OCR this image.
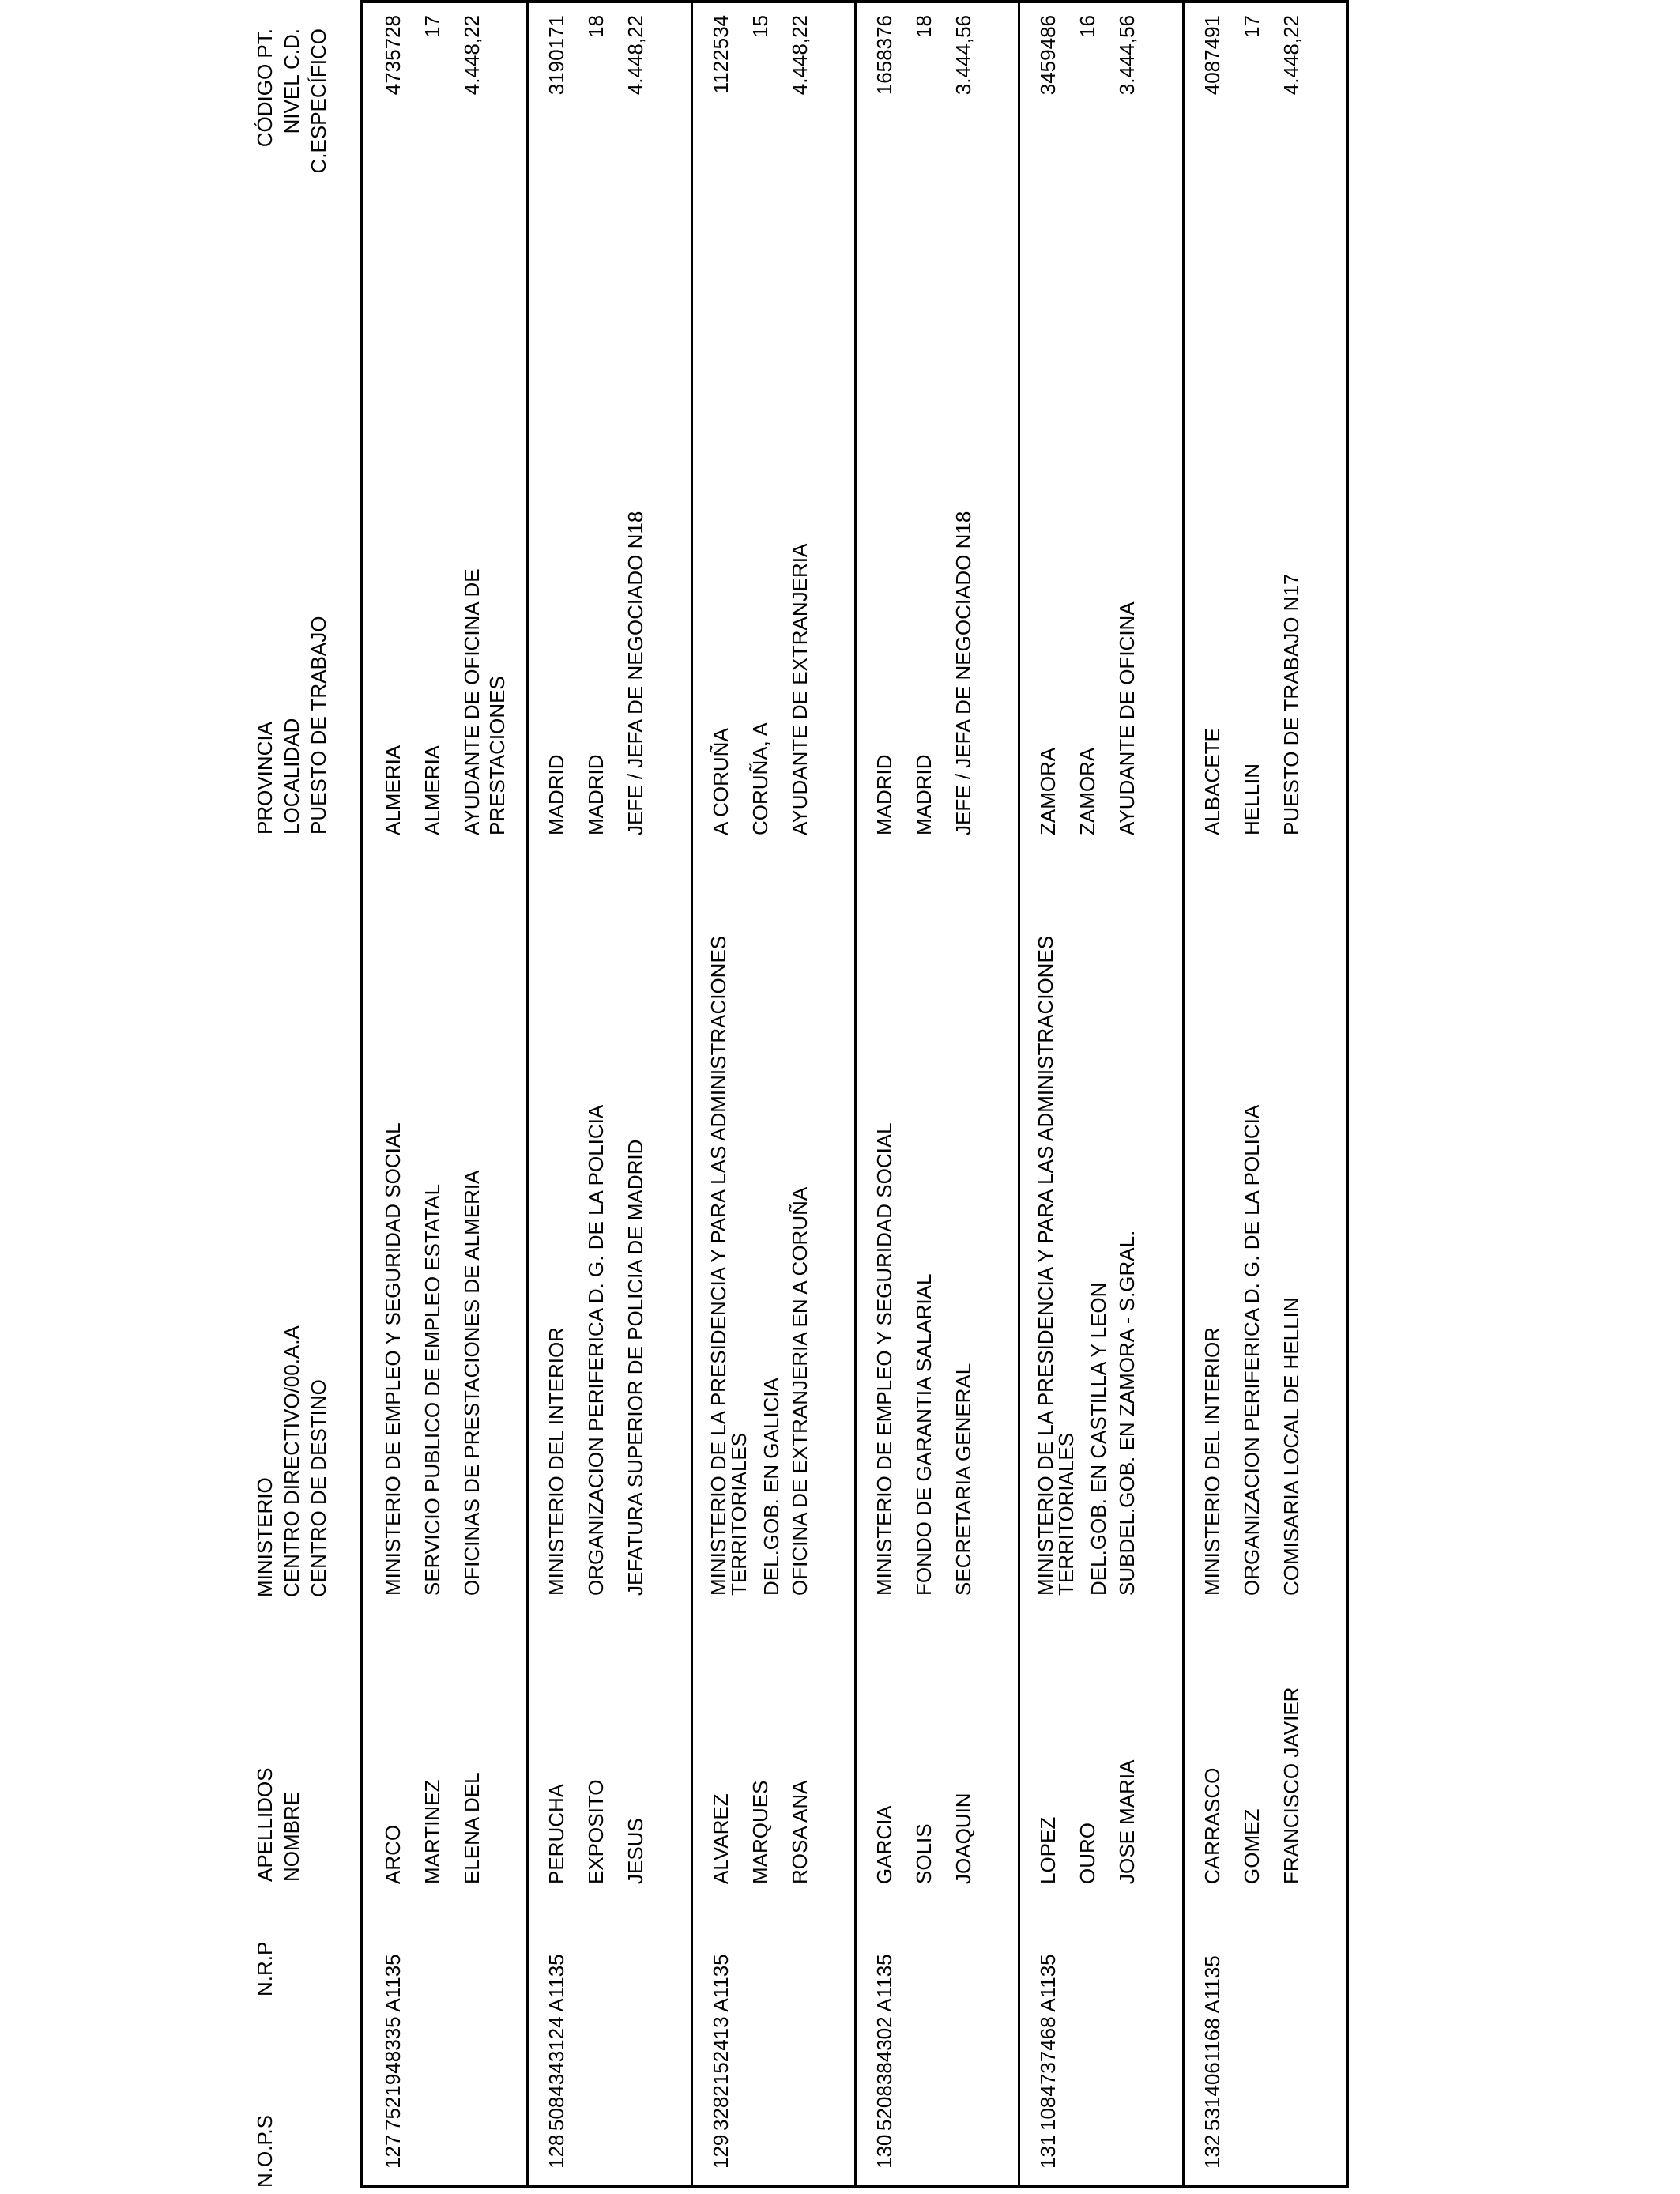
N.O.P.S
N.R.P
APELLIDOS
NOMBRE
MINISTERIO
CENTRO DIRECTIVO/00.A.A
CENTRO DE DESTINO
PROVINCIA
LOCALIDAD
PUESTO DE TRABAJO
CÓDIGO PT.
NIVEL C.D.
C.ESPECÍFICO
127
7521948335 A1135
ARCO MARTINEZ ELENA DEL
MINISTERIO DE EMPLEO Y SEGURIDAD SOCIAL SERVICIO PUBLICO DE EMPLEO ESTATAL OFICINAS DE PRESTACIONES DE ALMERIA
ALMERIA ALMERIA AYUDANTE DE OFICINA DE
PRESTACIONES
4735728 17 4.448,22
128
5084343124 A1135
PERUCHA EXPOSITO JESUS
MINISTERIO DEL INTERIOR ORGANIZACION PERIFERICA D. G. DE LA POLICIA JEFATURA SUPERIOR DE POLICIA DE MADRID
MADRID MADRID JEFE / JEFA DE NEGOCIADO N18
3190171 18 4.448,22
129
3282152413 A1135
ALVAREZ MARQUES ROSA ANA
MINISTERIO DE LA PRESIDENCIA Y PARA LAS ADMINISTRACIONES
TERRITORIALES DEL.GOB. EN GALICIA OFICINA DE EXTRANJERIA EN A CORUÑA
A CORUÑA CORUÑA, A AYUDANTE DE EXTRANJERIA
1122534 15 4.448,22
130
5208384302 A1135
GARCIA SOLIS JOAQUIN
MINISTERIO DE EMPLEO Y SEGURIDAD SOCIAL FONDO DE GARANTIA SALARIAL SECRETARIA GENERAL
MADRID MADRID JEFE / JEFA DE NEGOCIADO N18
1658376 18 3.444,56
131
1084737468 A1135
LOPEZ OURO JOSE MARIA
MINISTERIO DE LA PRESIDENCIA Y PARA LAS ADMINISTRACIONES
TERRITORIALES DEL.GOB. EN CASTILLA Y LEON SUBDEL.GOB. EN ZAMORA - S.GRAL.
ZAMORA ZAMORA AYUDANTE DE OFICINA
3459486 16 3.444,56
132
5314061168 A1135
CARRASCO GOMEZ FRANCISCO JAVIER
MINISTERIO DEL INTERIOR ORGANIZACION PERIFERICA D. G. DE LA POLICIA COMISARIA LOCAL DE HELLIN
ALBACETE HELLIN PUESTO DE TRABAJO N17
4087491 17 4.448,22
